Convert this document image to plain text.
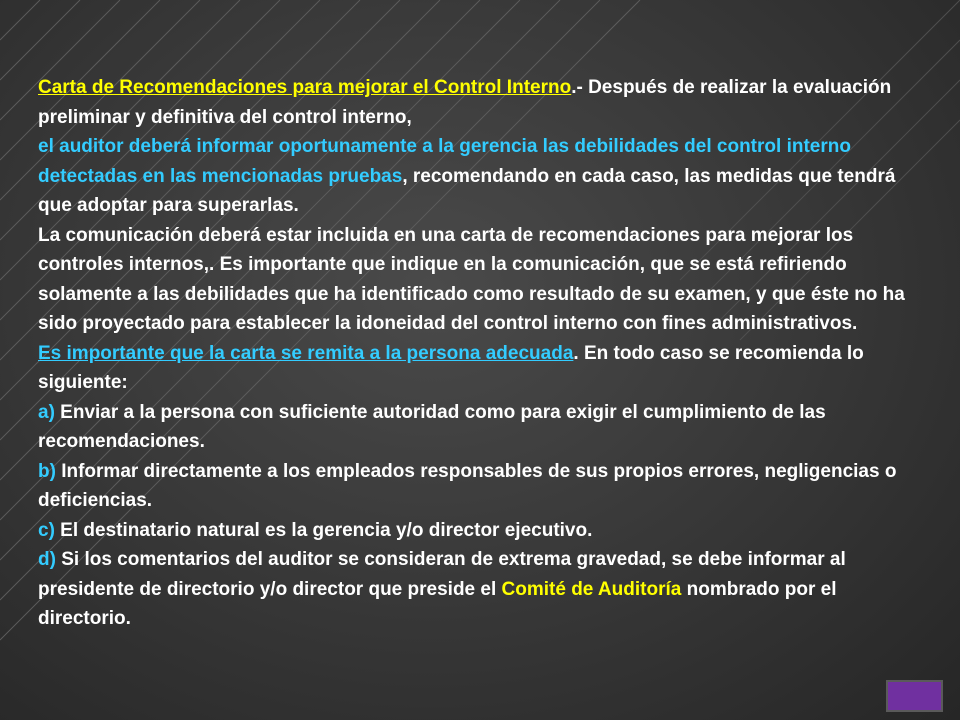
Carta de Recomendaciones para mejorar el Control Interno.- Después de realizar la evaluación preliminar y definitiva del control interno,

el auditor deberá informar oportunamente a la gerencia las debilidades del control interno detectadas en las mencionadas pruebas, recomendando en cada caso, las medidas que tendrá que adoptar para superarlas.

La comunicación deberá estar incluida en una carta de recomendaciones para mejorar los controles internos,. Es importante que indique en la comunicación, que se está refiriendo solamente a las debilidades que ha identificado como resultado de su examen, y que éste no ha sido proyectado para establecer la idoneidad del control interno con fines administrativos.

Es importante que la carta se remita a la persona adecuada. En todo caso se recomienda lo siguiente:

a) Enviar a la persona con suficiente autoridad como para exigir el cumplimiento de las recomendaciones.

b) Informar directamente a los empleados responsables de sus propios errores, negligencias o deficiencias.

c) El destinatario natural es la gerencia y/o director ejecutivo.

d) Si los comentarios del auditor se consideran de extrema gravedad, se debe informar al presidente de directorio y/o director que preside el Comité de Auditoría nombrado por el directorio.
